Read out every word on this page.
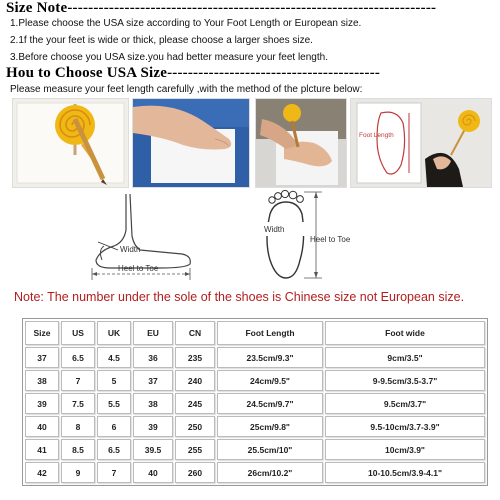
Size Note-----------------------------------------------------------------------
1.Please choose the USA size according to Your Foot Length or European size.
2.1f the your feet is wide or thick, please choose a larger shoes size.
3.Before choose you USA size.you had better measure your feet length.
Hou to Choose USA Size-----------------------------------------
Please measure your feet length carefully ,with the method of the plcture below:
Foot Length
Width
Heel to Toe
Width
Heel to Toe
Note: The number under the sole of the shoes is Chinese size not European size.
Size	US	UK	EU	CN	Foot Length	Foot wide
37	6.5	4.5	36	235	23.5cm/9.3"	9cm/3.5"
38	7	5	37	240	24cm/9.5"	9-9.5cm/3.5-3.7"
39	7.5	5.5	38	245	24.5cm/9.7"	9.5cm/3.7"
40	8	6	39	250	25cm/9.8"	9.5-10cm/3.7-3.9"
41	8.5	6.5	39.5	255	25.5cm/10"	10cm/3.9"
42	9	7	40	260	26cm/10.2"	10-10.5cm/3.9-4.1"
